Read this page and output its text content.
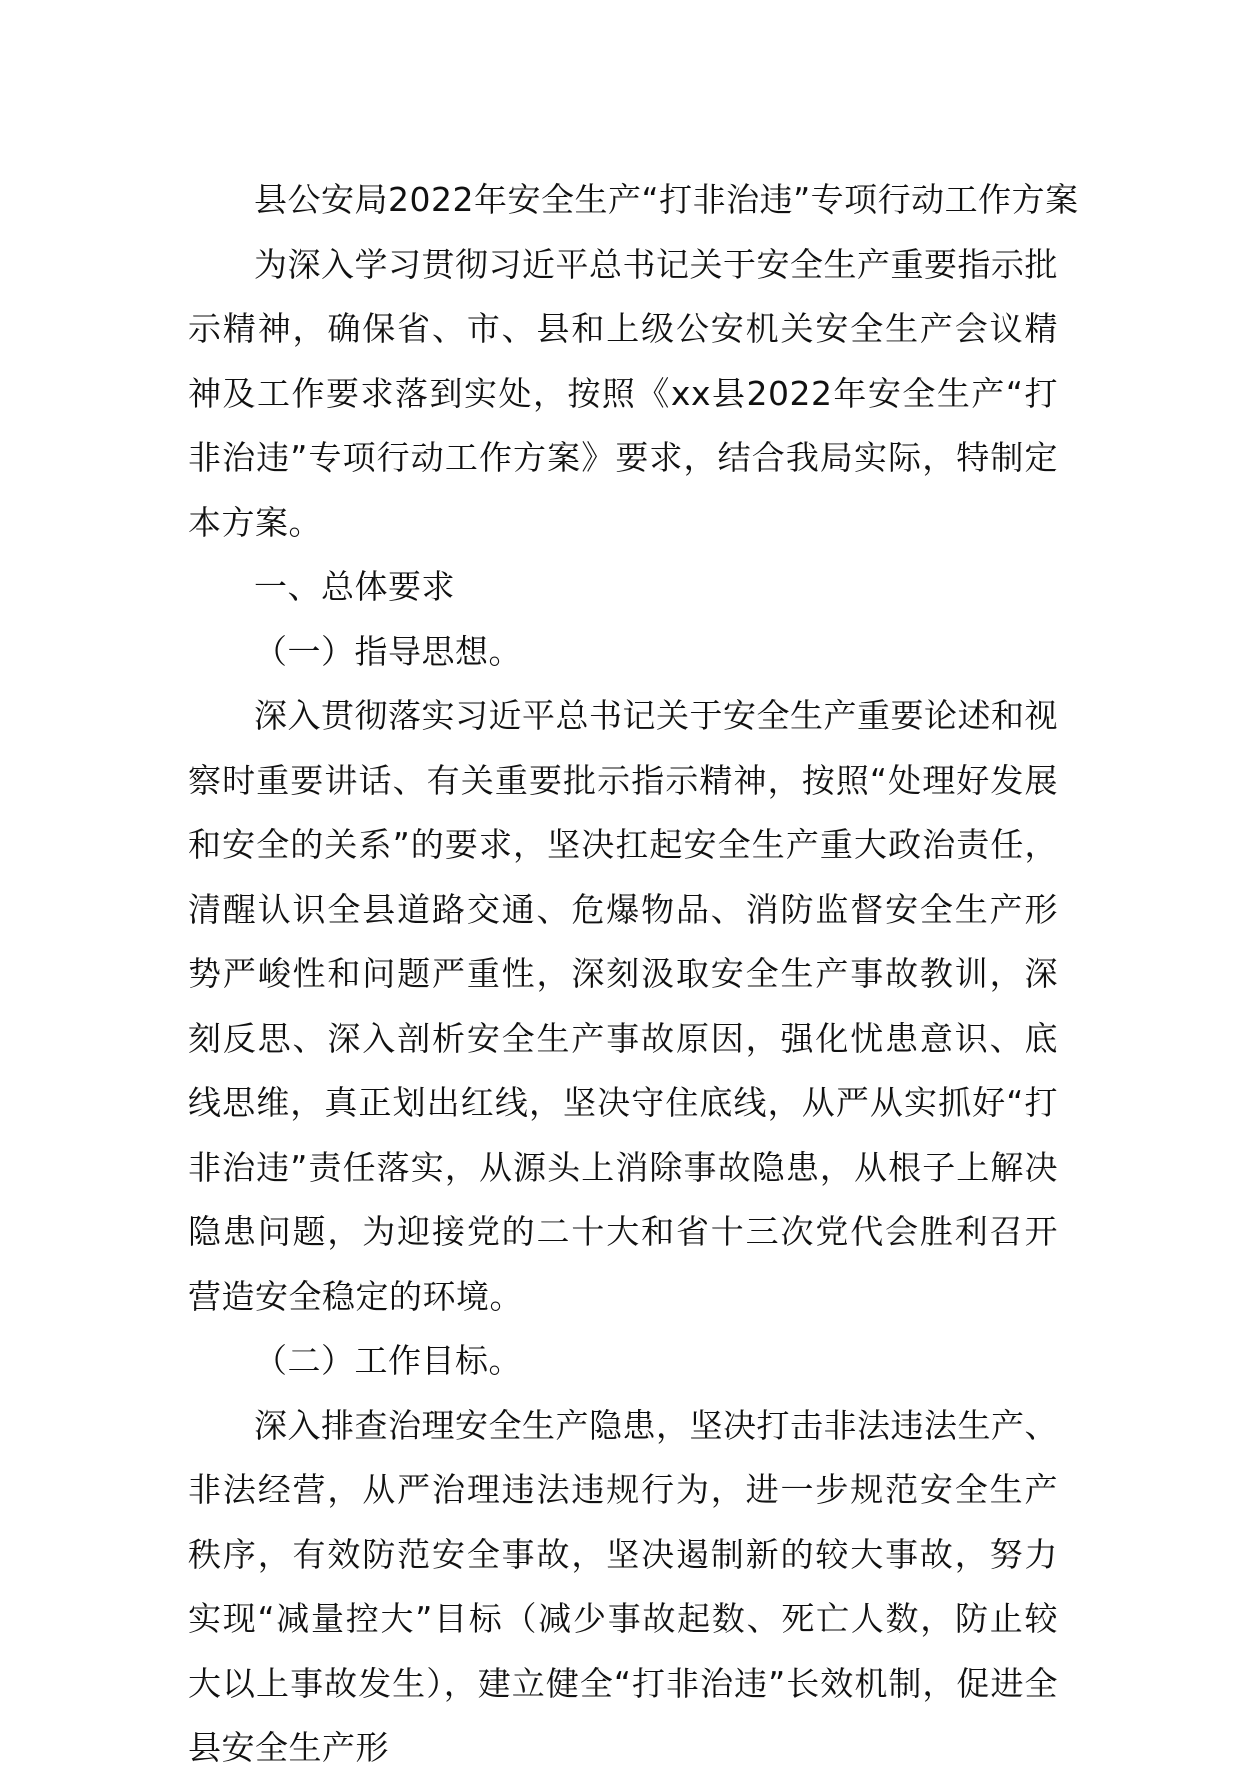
县公安局2022年安全生产“打非治违”专项行动工作方案

为深入学习贯彻习近平总书记关于安全生产重要指示批示精神，确保省、市、县和上级公安机关安全生产会议精神及工作要求落到实处，按照《xx县2022年安全生产“打非治违”专项行动工作方案》要求，结合我局实际，特制定本方案。

一、总体要求

（一）指导思想。

深入贯彻落实习近平总书记关于安全生产重要论述和视察时重要讲话、有关重要批示指示精神，按照“处理好发展和安全的关系”的要求，坚决扛起安全生产重大政治责任，清醒认识全县道路交通、危爆物品、消防监督安全生产形势严峻性和问题严重性，深刻汲取安全生产事故教训，深刻反思、深入剖析安全生产事故原因，强化忧患意识、底线思维，真正划出红线，坚决守住底线，从严从实抓好“打非治违”责任落实，从源头上消除事故隐患，从根子上解决隐患问题，为迎接党的二十大和省十三次党代会胜利召开营造安全稳定的环境。

（二）工作目标。

深入排查治理安全生产隐患，坚决打击非法违法生产、非法经营，从严治理违法违规行为，进一步规范安全生产秩序，有效防范安全事故，坚决遏制新的较大事故，努力实现“减量控大”目标（减少事故起数、死亡人数，防止较大以上事故发生），建立健全“打非治违”长效机制，促进全县安全生产形
